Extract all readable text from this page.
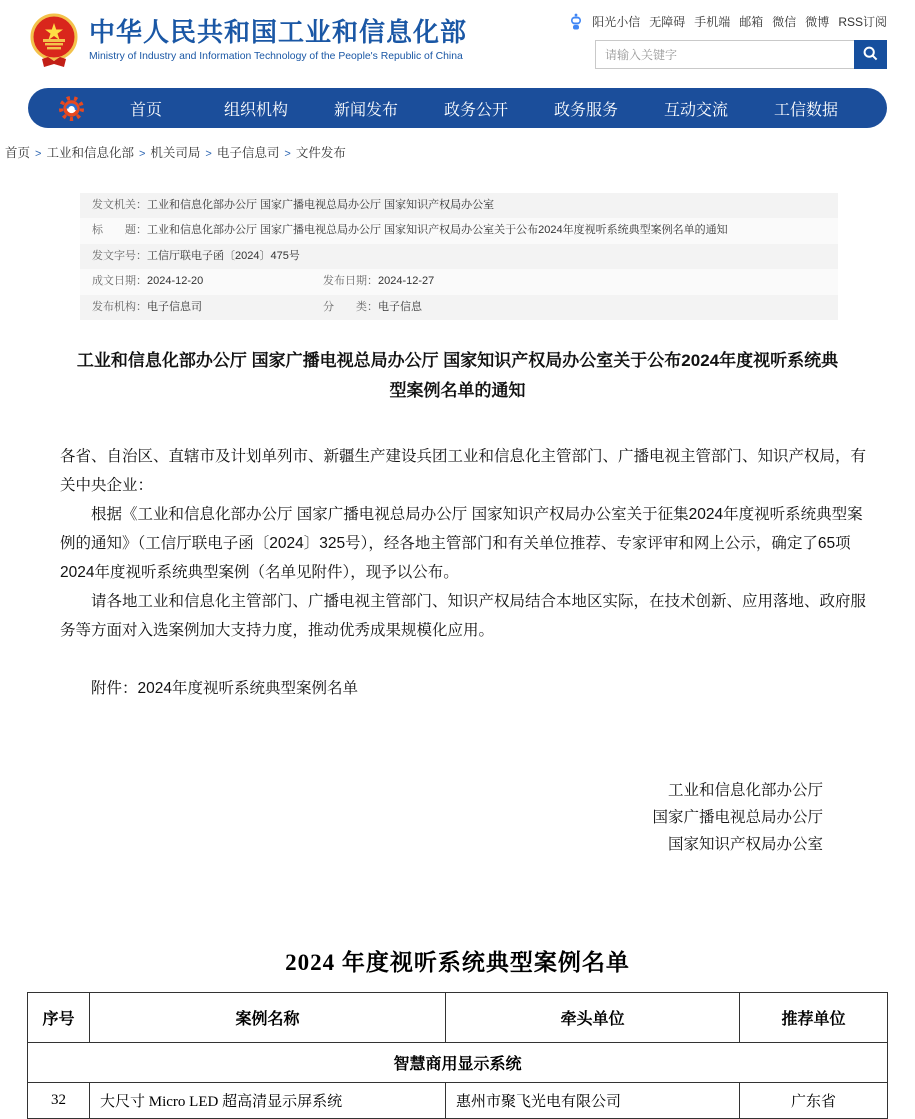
中华人民共和国工业和信息化部
Ministry of Industry and Information Technology of the People's Republic of China
阳光小信 无障碍 手机端 邮箱 微信 微博 RSS订阅
请输入关键字
首页	组织机构	新闻发布	政务公开	政务服务	互动交流	工信数据
首页 > 工业和信息化部 > 机关司局 > 电子信息司 > 文件发布
发文机关： 工业和信息化部办公厅 国家广播电视总局办公厅 国家知识产权局办公室
标　　题： 工业和信息化部办公厅 国家广播电视总局办公厅 国家知识产权局办公室关于公布2024年度视听系统典型案例名单的通知
发文字号： 工信厅联电子函〔2024〕475号
成文日期： 2024-12-20	发布日期： 2024-12-27
发布机构： 电子信息司	分　　类： 电子信息
工业和信息化部办公厅 国家广播电视总局办公厅 国家知识产权局办公室关于公布2024年度视听系统典型案例名单的通知

各省、自治区、直辖市及计划单列市、新疆生产建设兵团工业和信息化主管部门、广播电视主管部门、知识产权局，有关中央企业：

根据《工业和信息化部办公厅 国家广播电视总局办公厅 国家知识产权局办公室关于征集2024年度视听系统典型案例的通知》（工信厅联电子函〔2024〕325号），经各地主管部门和有关单位推荐、专家评审和网上公示，确定了65项2024年度视听系统典型案例（名单见附件），现予以公布。

请各地工业和信息化主管部门、广播电视主管部门、知识产权局结合本地区实际，在技术创新、应用落地、政府服务等方面对入选案例加大支持力度，推动优秀成果规模化应用。

附件：2024年度视听系统典型案例名单

工业和信息化部办公厅
国家广播电视总局办公厅
国家知识产权局办公室
2024 年度视听系统典型案例名单
序号	案例名称	牵头单位	推荐单位
智慧商用显示系统			
32	大尺寸 Micro LED 超高清显示屏系统	惠州市聚飞光电有限公司	广东省
